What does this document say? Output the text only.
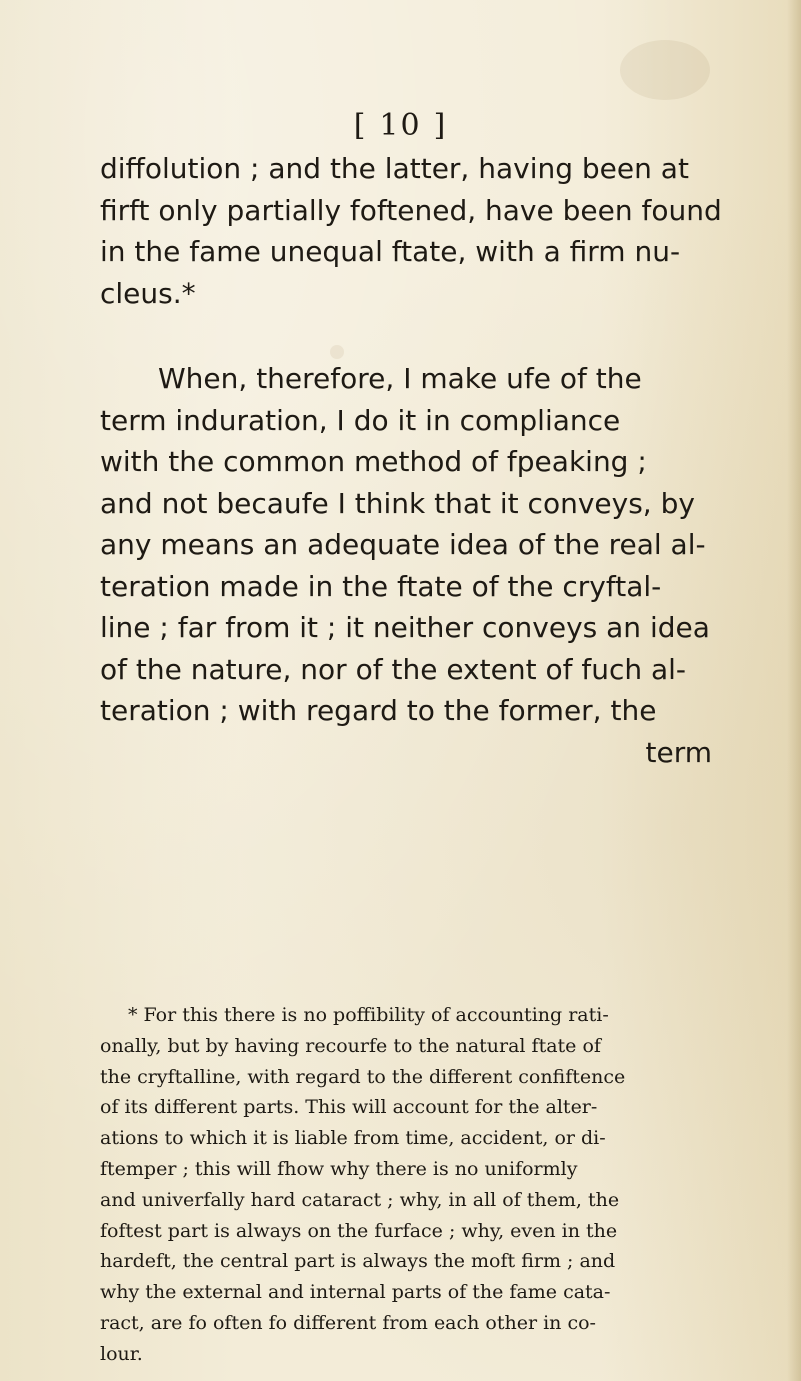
[ 10 ]
diffolution ; and the latter, having been at
firft only partially foftened, have been found
in the fame unequal ftate, with a firm nu-
cleus.*
When, therefore, I make ufe of the
term induration, I do it in compliance
with the common method of fpeaking ;
and not becaufe I think that it conveys, by
any means an adequate idea of the real al-
teration made in the ftate of the cryftal-
line ; far from it ; it neither conveys an idea
of the nature, nor of the extent of fuch al-
teration ; with regard to the former, the
term
* For this there is no poffibility of accounting rati-
onally, but by having recourfe to the natural ftate of
the cryftalline, with regard to the different confiftence
of its different parts. This will account for the alter-
ations to which it is liable from time, accident, or di-
ftemper ; this will fhow why there is no uniformly
and univerfally hard cataract ; why, in all of them, the
foftest part is always on the furface ; why, even in the
hardeft, the central part is always the moft firm ; and
why the external and internal parts of the fame cata-
ract, are fo often fo different from each other in co-
lour.
